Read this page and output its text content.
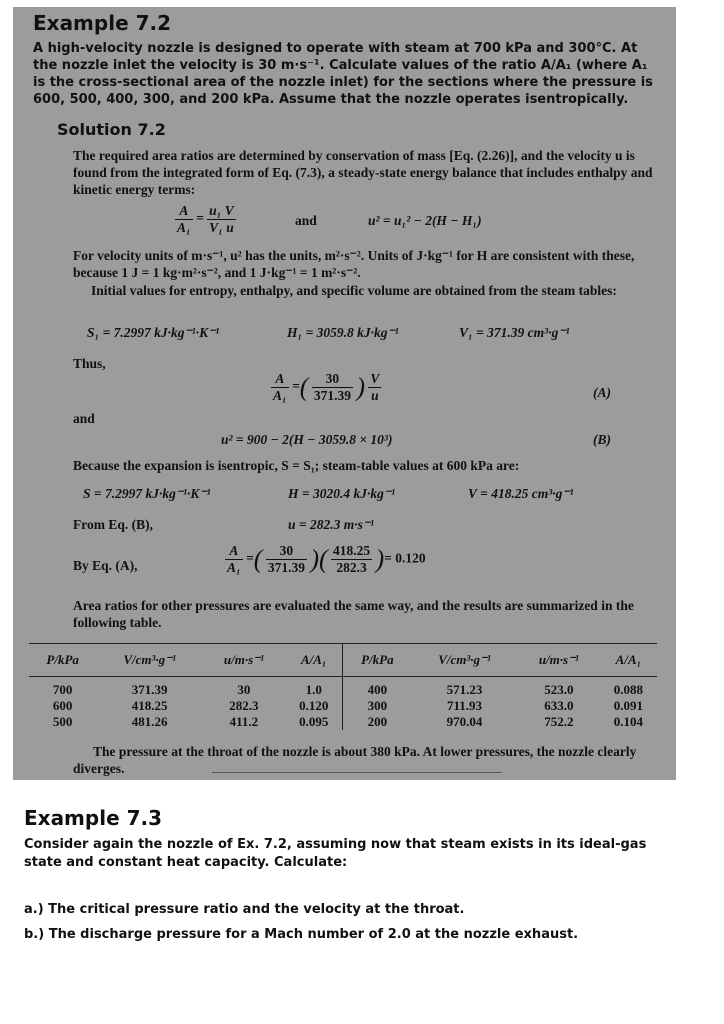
Example 7.2
A high-velocity nozzle is designed to operate with steam at 700 kPa and 300°C. At the nozzle inlet the velocity is 30 m·s⁻¹. Calculate values of the ratio A/A₁ (where A₁ is the cross-sectional area of the nozzle inlet) for the sections where the pressure is 600, 500, 400, 300, and 200 kPa. Assume that the nozzle operates isentropically.
Solution 7.2
The required area ratios are determined by conservation of mass [Eq. (2.26)], and the velocity u is found from the integrated form of Eq. (7.3), a steady-state energy balance that includes enthalpy and kinetic energy terms:
$\frac{A}{\text{A₁}} = \frac{\text{u₁ V}}{\text{V₁ u}}$	and	u² = u₁² − 2(H − H₁)
For velocity units of m·s⁻¹, u² has the units, m²·s⁻². Units of J·kg⁻¹ for H are consistent with these, because 1 J = 1 kg·m²·s⁻², and 1 J·kg⁻¹ = 1 m²·s⁻².
Initial values for entropy, enthalpy, and specific volume are obtained from the steam tables:
S₁ = 7.2997 kJ·kg⁻¹·K⁻¹	H₁ = 3059.8 kJ·kg⁻¹	V₁ = 371.39 cm³·g⁻¹
Thus,
$\frac{A}{\text{A₁}}$ =( $\frac{30}{371.39}$ ) $\frac{V}{u}$	(A)
and
u² = 900 − 2(H − 3059.8 × 10³)	(B)
Because the expansion is isentropic, S = S₁; steam-table values at 600 kPa are:
S = 7.2997 kJ·kg⁻¹·K⁻¹	H = 3020.4 kJ·kg⁻¹	V = 418.25 cm³·g⁻¹
From Eq. (B),	u = 282.3 m·s⁻¹
By Eq. (A),	$\frac{A}{\text{A₁}}$ =( $\frac{30}{371.39}$ )( $\frac{418.25}{282.3}$ )= 0.120
Area ratios for other pressures are evaluated the same way, and the results are summarized in the following table.
P/kPa	V/cm³·g⁻¹	u/m·s⁻¹	A/A₁	P/kPa	V/cm³·g⁻¹	u/m·s⁻¹	A/A₁
700	371.39	30	1.0	400	571.23	523.0	0.088
600	418.25	282.3	0.120	300	711.93	633.0	0.091
500	481.26	411.2	0.095	200	970.04	752.2	0.104
The pressure at the throat of the nozzle is about 380 kPa. At lower pressures, the nozzle clearly diverges.
Example 7.3
Consider again the nozzle of Ex. 7.2, assuming now that steam exists in its ideal-gas state and constant heat capacity. Calculate:
a.) The critical pressure ratio and the velocity at the throat.
b.) The discharge pressure for a Mach number of 2.0 at the nozzle exhaust.
